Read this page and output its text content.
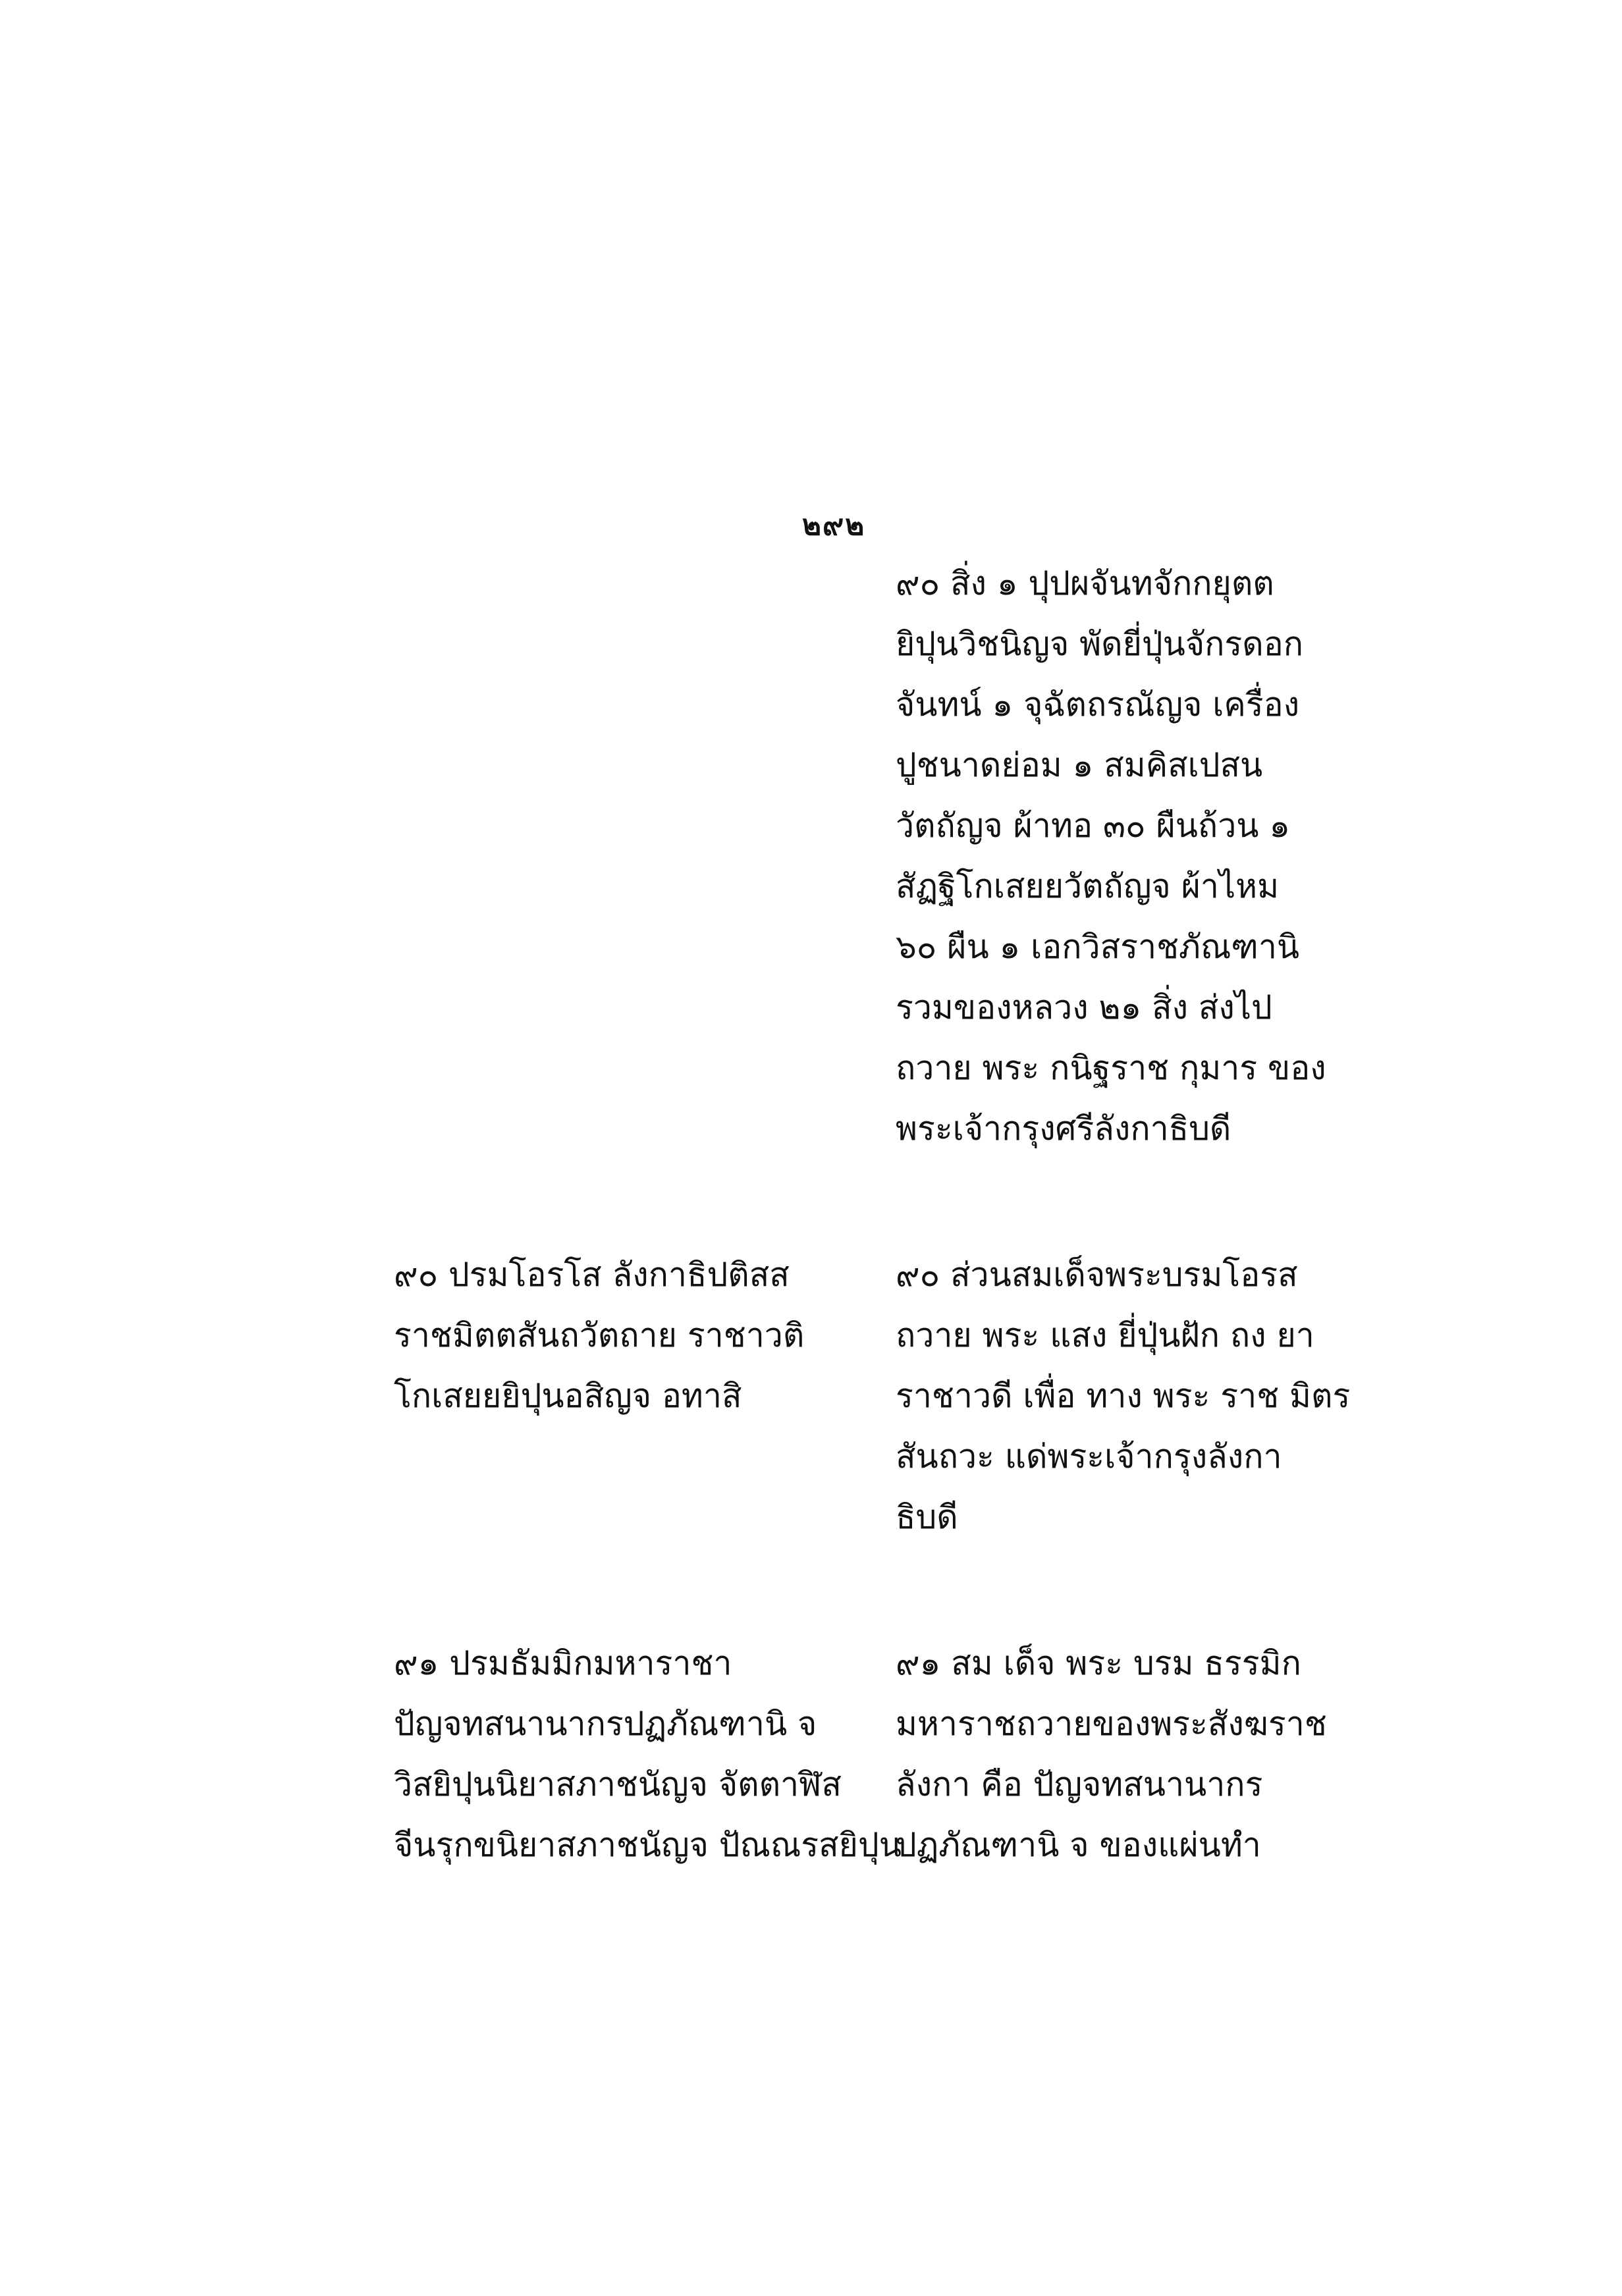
๒๙๒
๙๐ สิ่ง ๑ ปุปผจันทจักกยุตต
ยิปุนวิชนิญจ พัดยี่ปุ่นจักรดอก
จันทน์ ๑ จุฉัตถรณัญจ เครื่อง
ปูชนาดย่อม ๑ สมคิสเปสน
วัตถัญจ ผ้าทอ ๓๐ ผืนถ้วน ๑
สัฏฐิโกเสยยวัตถัญจ ผ้าไหม
๖๐ ผืน ๑ เอกวิสราชภัณฑานิ
รวมของหลวง ๒๑ สิ่ง ส่งไป
ถวาย พระ กนิฐราช กุมาร ของ
พระเจ้ากรุงศรีลังกาธิบดี
๙๐ ปรมโอรโส ลังกาธิปติสส
ราชมิตตสันถวัตถาย ราชาวติ
โกเสยยยิปุนอสิญจ อทาสิ
๙๐ ส่วนสมเด็จพระบรมโอรส
ถวาย พระ แสง ยี่ปุ่นฝัก ถง ยา
ราชาวดี เพื่อ ทาง พระ ราช มิตร
สันถวะ แด่พระเจ้ากรุงลังกา
ธิบดี
๙๑ ปรมธัมมิกมหาราชา
ปัญจทสนานากรปฏภัณฑานิ จ
วิสยิปุนนิยาสภาชนัญจ จัตตาฬิส
จีนรุกขนิยาสภาชนัญจ ปัณณรสยิปุน
๙๑ สม เด็จ พระ บรม ธรรมิก
มหาราชถวายของพระสังฆราช
ลังกา คือ ปัญจทสนานากร
ปฏภัณฑานิ จ ของแผ่นทำ
